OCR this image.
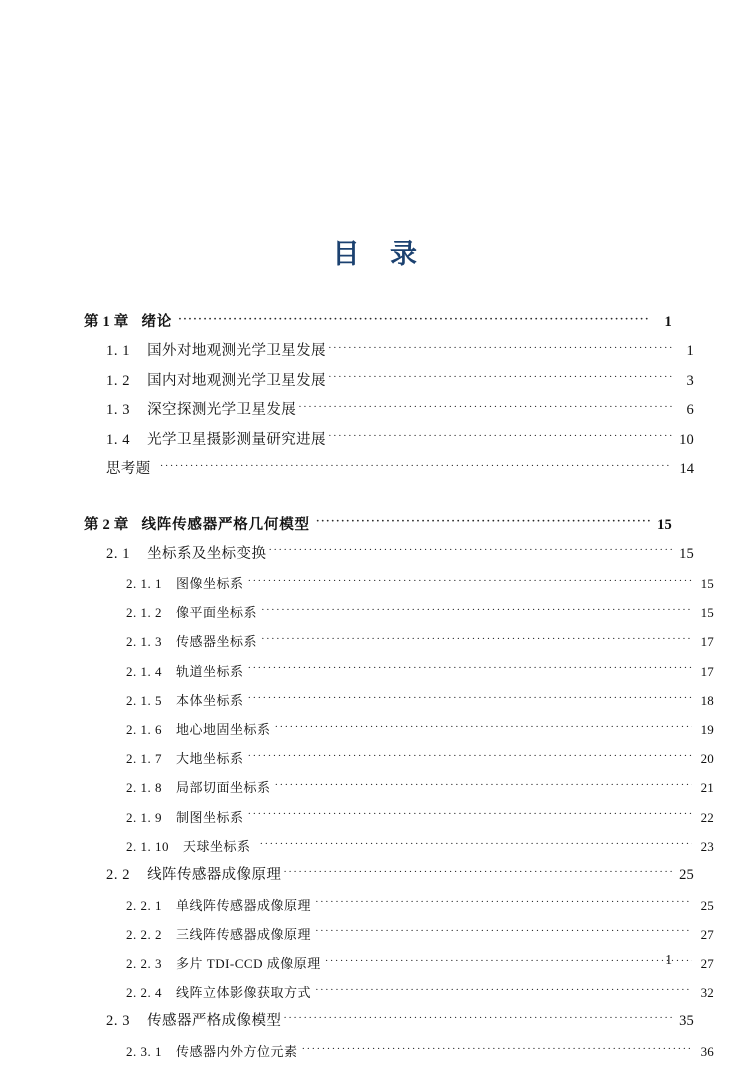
目 录
第 1 章 绪论 ·····	1
1. 1 国外对地观测光学卫星发展 ·····	1
1. 2 国内对地观测光学卫星发展 ·····	3
1. 3 深空探测光学卫星发展 ·····	6
1. 4 光学卫星摄影测量研究进展 ·····	10
思考题 ·····	14
第 2 章 线阵传感器严格几何模型 ·····	15
2. 1 坐标系及坐标变换 ·····	15
2. 1. 1 图像坐标系 ·····	15
2. 1. 2 像平面坐标系 ·····	15
2. 1. 3 传感器坐标系 ·····	17
2. 1. 4 轨道坐标系 ·····	17
2. 1. 5 本体坐标系 ·····	18
2. 1. 6 地心地固坐标系 ·····	19
2. 1. 7 大地坐标系 ·····	20
2. 1. 8 局部切面坐标系 ·····	21
2. 1. 9 制图坐标系 ·····	22
2. 1. 10 天球坐标系 ·····	23
2. 2 线阵传感器成像原理 ·····	25
2. 2. 1 单线阵传感器成像原理 ·····	25
2. 2. 2 三线阵传感器成像原理 ·····	27
2. 2. 3 多片 TDI-CCD 成像原理 ·····	27
2. 2. 4 线阵立体影像获取方式 ·····	32
2. 3 传感器严格成像模型 ·····	35
2. 3. 1 传感器内外方位元素 ·····	36
1
